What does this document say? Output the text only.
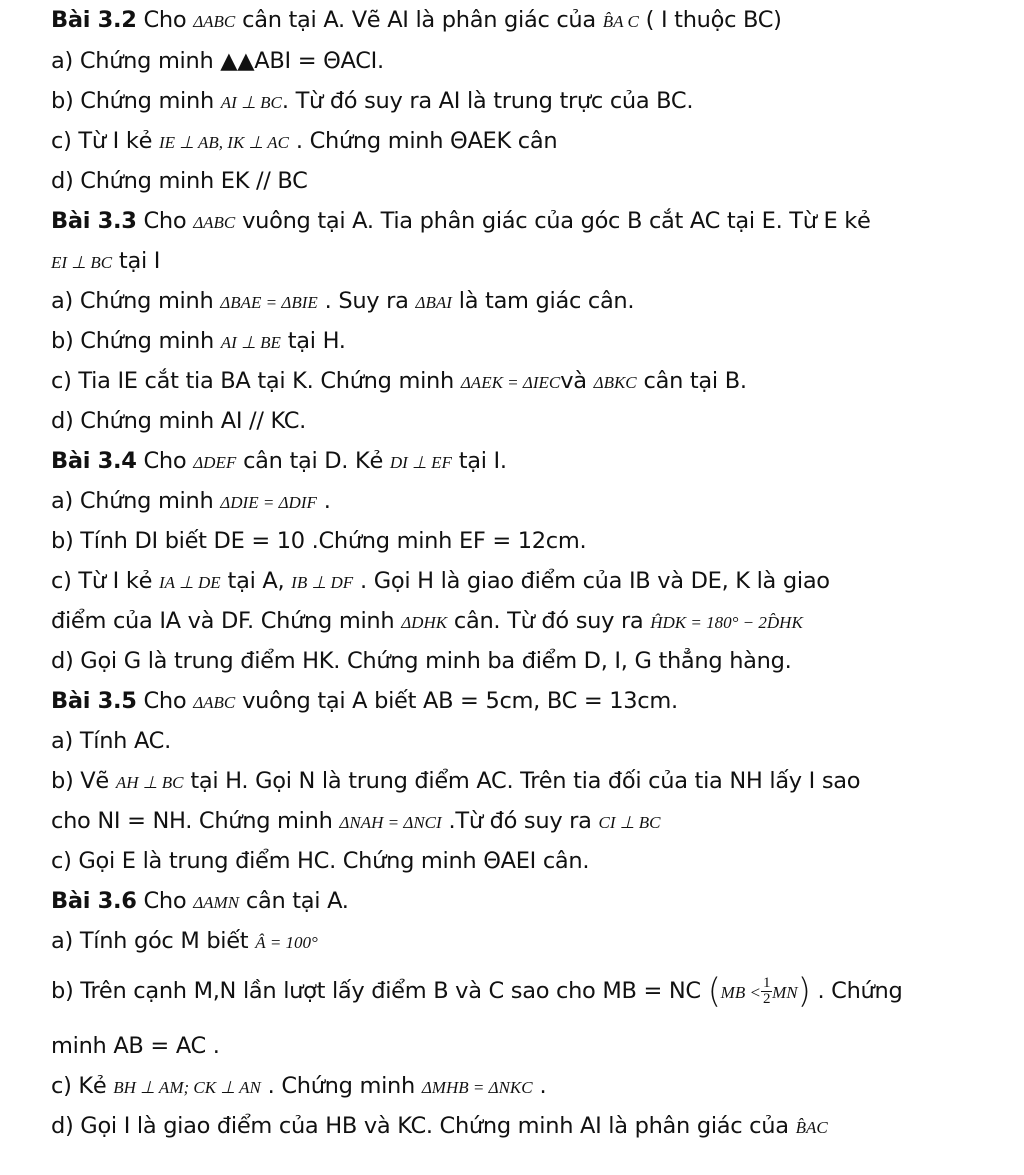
Bài 3.2 Cho ΔABC cân tại A. Vẽ AI là phân giác của B̂A C ( I thuộc BC)
a) Chứng minh ▲▲ABI = ΘACI.
b) Chứng minh AI ⊥ BC. Từ đó suy ra AI là trung trực của BC.
c) Từ I kẻ IE ⊥ AB, IK ⊥ AC . Chứng minh ΘAEK cân
d) Chứng minh EK // BC
Bài 3.3 Cho ΔABC vuông tại A. Tia phân giác của góc B cắt AC tại E. Từ E kẻ
EI ⊥ BC tại I
a) Chứng minh ΔBAE = ΔBIE . Suy ra ΔBAI là tam giác cân.
b) Chứng minh AI ⊥ BE tại H.
c) Tia IE cắt tia BA tại K. Chứng minh ΔAEK = ΔIECvà ΔBKC cân tại B.
d) Chứng minh AI // KC.
Bài 3.4 Cho ΔDEF cân tại D. Kẻ DI ⊥ EF tại I.
a) Chứng minh ΔDIE = ΔDIF .
b) Tính DI biết DE = 10 .Chứng minh EF = 12cm.
c) Từ I kẻ IA ⊥ DE tại A, IB ⊥ DF . Gọi H là giao điểm của IB và DE, K là giao
điểm của IA và DF. Chứng minh ΔDHK cân. Từ đó suy ra ĤDK = 180° − 2D̂HK
d) Gọi G là trung điểm HK. Chứng minh ba điểm D, I, G thẳng hàng.
Bài 3.5 Cho ΔABC vuông tại A biết AB = 5cm, BC = 13cm.
a) Tính AC.
b) Vẽ AH ⊥ BC tại H. Gọi N là trung điểm AC. Trên tia đối của tia NH lấy I sao
cho NI = NH. Chứng minh ΔNAH = ΔNCI .Từ đó suy ra CI ⊥ BC
c) Gọi E là trung điểm HC. Chứng minh ΘAEI cân.
Bài 3.6 Cho ΔAMN cân tại A.
a) Tính góc M biết Â = 100°
b) Trên cạnh M,N lần lượt lấy điểm B và C sao cho MB = NC $(MB < \frac{1}{2} MN)$ . Chứng
minh AB = AC .
c) Kẻ BH ⊥ AM; CK ⊥ AN . Chứng minh ΔMHB = ΔNKC .
d) Gọi I là giao điểm của HB và KC. Chứng minh AI là phân giác của B̂AC
